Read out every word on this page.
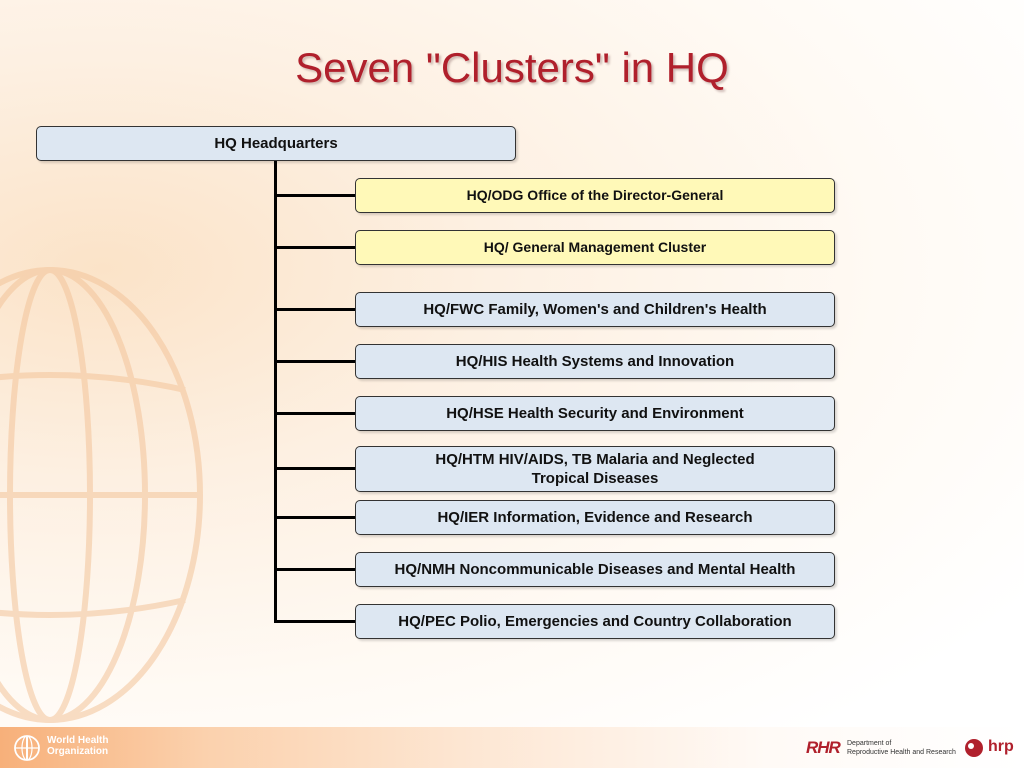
Seven "Clusters" in HQ
HQ Headquarters
HQ/ODG Office of the Director-General
HQ/ General Management Cluster
HQ/FWC Family, Women's and Children's Health
HQ/HIS Health Systems and Innovation
HQ/HSE Health Security and Environment
HQ/HTM HIV/AIDS, TB Malaria and Neglected Tropical Diseases
HQ/IER Information, Evidence and Research
HQ/NMH Noncommunicable Diseases and Mental Health
HQ/PEC Polio, Emergencies and Country Collaboration
World Health
Organization	RHR Department of
Reproductive Health and Research hrp
